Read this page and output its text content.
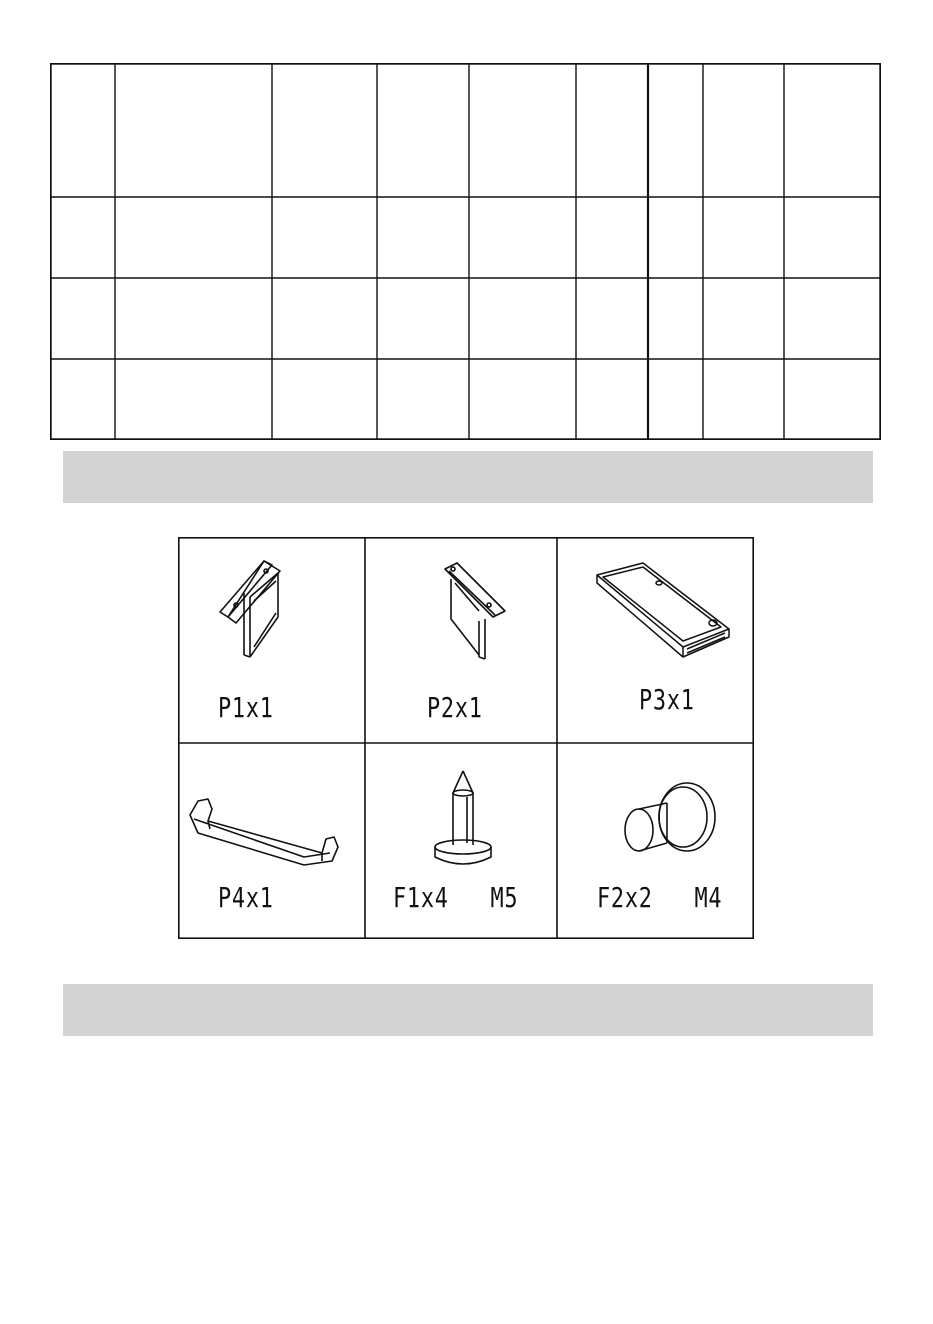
P1x1	P2x1	P3x1
P4x1	F1x4   M5	F2x2   M4
